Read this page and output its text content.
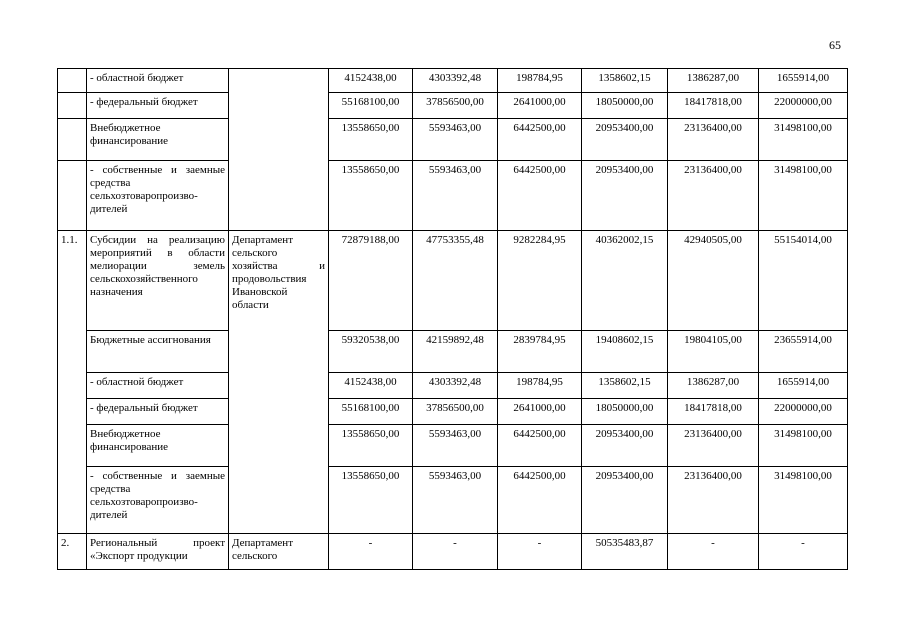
65
	- областной бюджет		4152438,00	4303392,48	198784,95	1358602,15	1386287,00	1655914,00
	- федеральный бюджет		55168100,00	37856500,00	2641000,00	18050000,00	18417818,00	22000000,00
	Внебюджетное финансирование		13558650,00	5593463,00	6442500,00	20953400,00	23136400,00	31498100,00
	- собственные и заемные средства сельхозтоваропроизво-дителей		13558650,00	5593463,00	6442500,00	20953400,00	23136400,00	31498100,00
1.1.	Субсидии на реализацию мероприятий в области мелиорации земель сельскохозяйственного назначения	Департамент сельского хозяйства и продовольствия Ивановской области	72879188,00	47753355,48	9282284,95	40362002,15	42940505,00	55154014,00
	Бюджетные ассигнования		59320538,00	42159892,48	2839784,95	19408602,15	19804105,00	23655914,00
	- областной бюджет		4152438,00	4303392,48	198784,95	1358602,15	1386287,00	1655914,00
	- федеральный бюджет		55168100,00	37856500,00	2641000,00	18050000,00	18417818,00	22000000,00
	Внебюджетное финансирование		13558650,00	5593463,00	6442500,00	20953400,00	23136400,00	31498100,00
	- собственные и заемные средства сельхозтоваропроизво-дителей		13558650,00	5593463,00	6442500,00	20953400,00	23136400,00	31498100,00
2.	Региональный проект «Экспорт продукции	Департамент сельского	-	-	-	50535483,87	-	-
